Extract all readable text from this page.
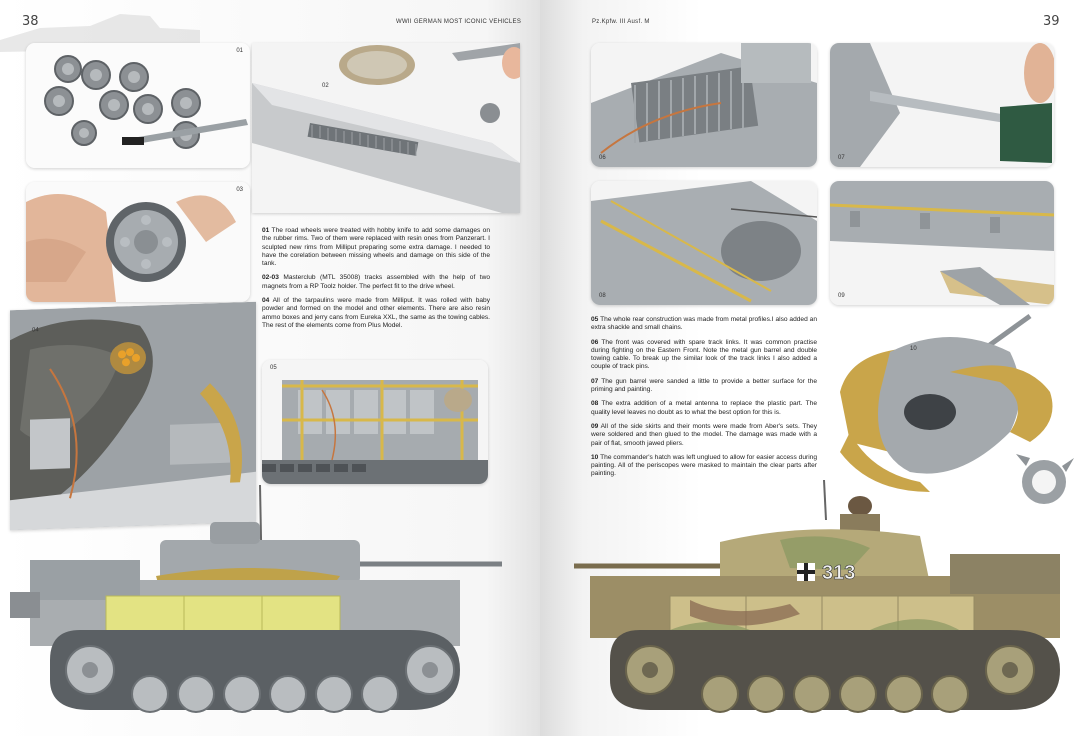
38	WWII GERMAN MOST ICONIC VEHICLES
01
02
03
04
05

01 The road wheels were treated with hobby knife to add some damages on the rubber rims. Two of them were replaced with resin ones from Panzerart. I sculpted new rims from Milliput preparing some extra damage. I needed to have the corelation between missing wheels and damage on this side of the tank.

02-03 Masterclub (MTL 35008) tracks assembled with the help of two magnets from a RP Toolz holder. The perfect fit to the drive wheel.

04 All of the tarpaulins were made from Milliput. It was rolled with baby powder and formed on the model and other elements. There are also resin ammo boxes and jerry cans from Eureka XXL, the same as the towing cables. The rest of the elements come from Plus Model.

Pz.Kpfw. III Ausf. M	39
06	07
08	09

05 The whole rear construction was made from metal profiles.I also added an extra shackle and small chains.

06 The front was covered with spare track links. It was common practise during fighting on the Eastern Front. Note the metal gun barrel and double towing cable. To break up the similar look of the track links I also added a couple of track pins.

07 The gun barrel were sanded a little to provide a better surface for the priming and painting.

08 The extra addition of a metal antenna to replace the plastic part. The quality level leaves no doubt as to what the best option for this is.

09 All of the side skirts and their monts were made from Aber's sets. They were soldered and then glued to the model. The damage was made with a pair of flat, smooth jawed pliers.

10 The commander's hatch was left unglued to allow for easier access during painting. All of the periscopes were masked to maintain the clear parts after painting.

10
313
